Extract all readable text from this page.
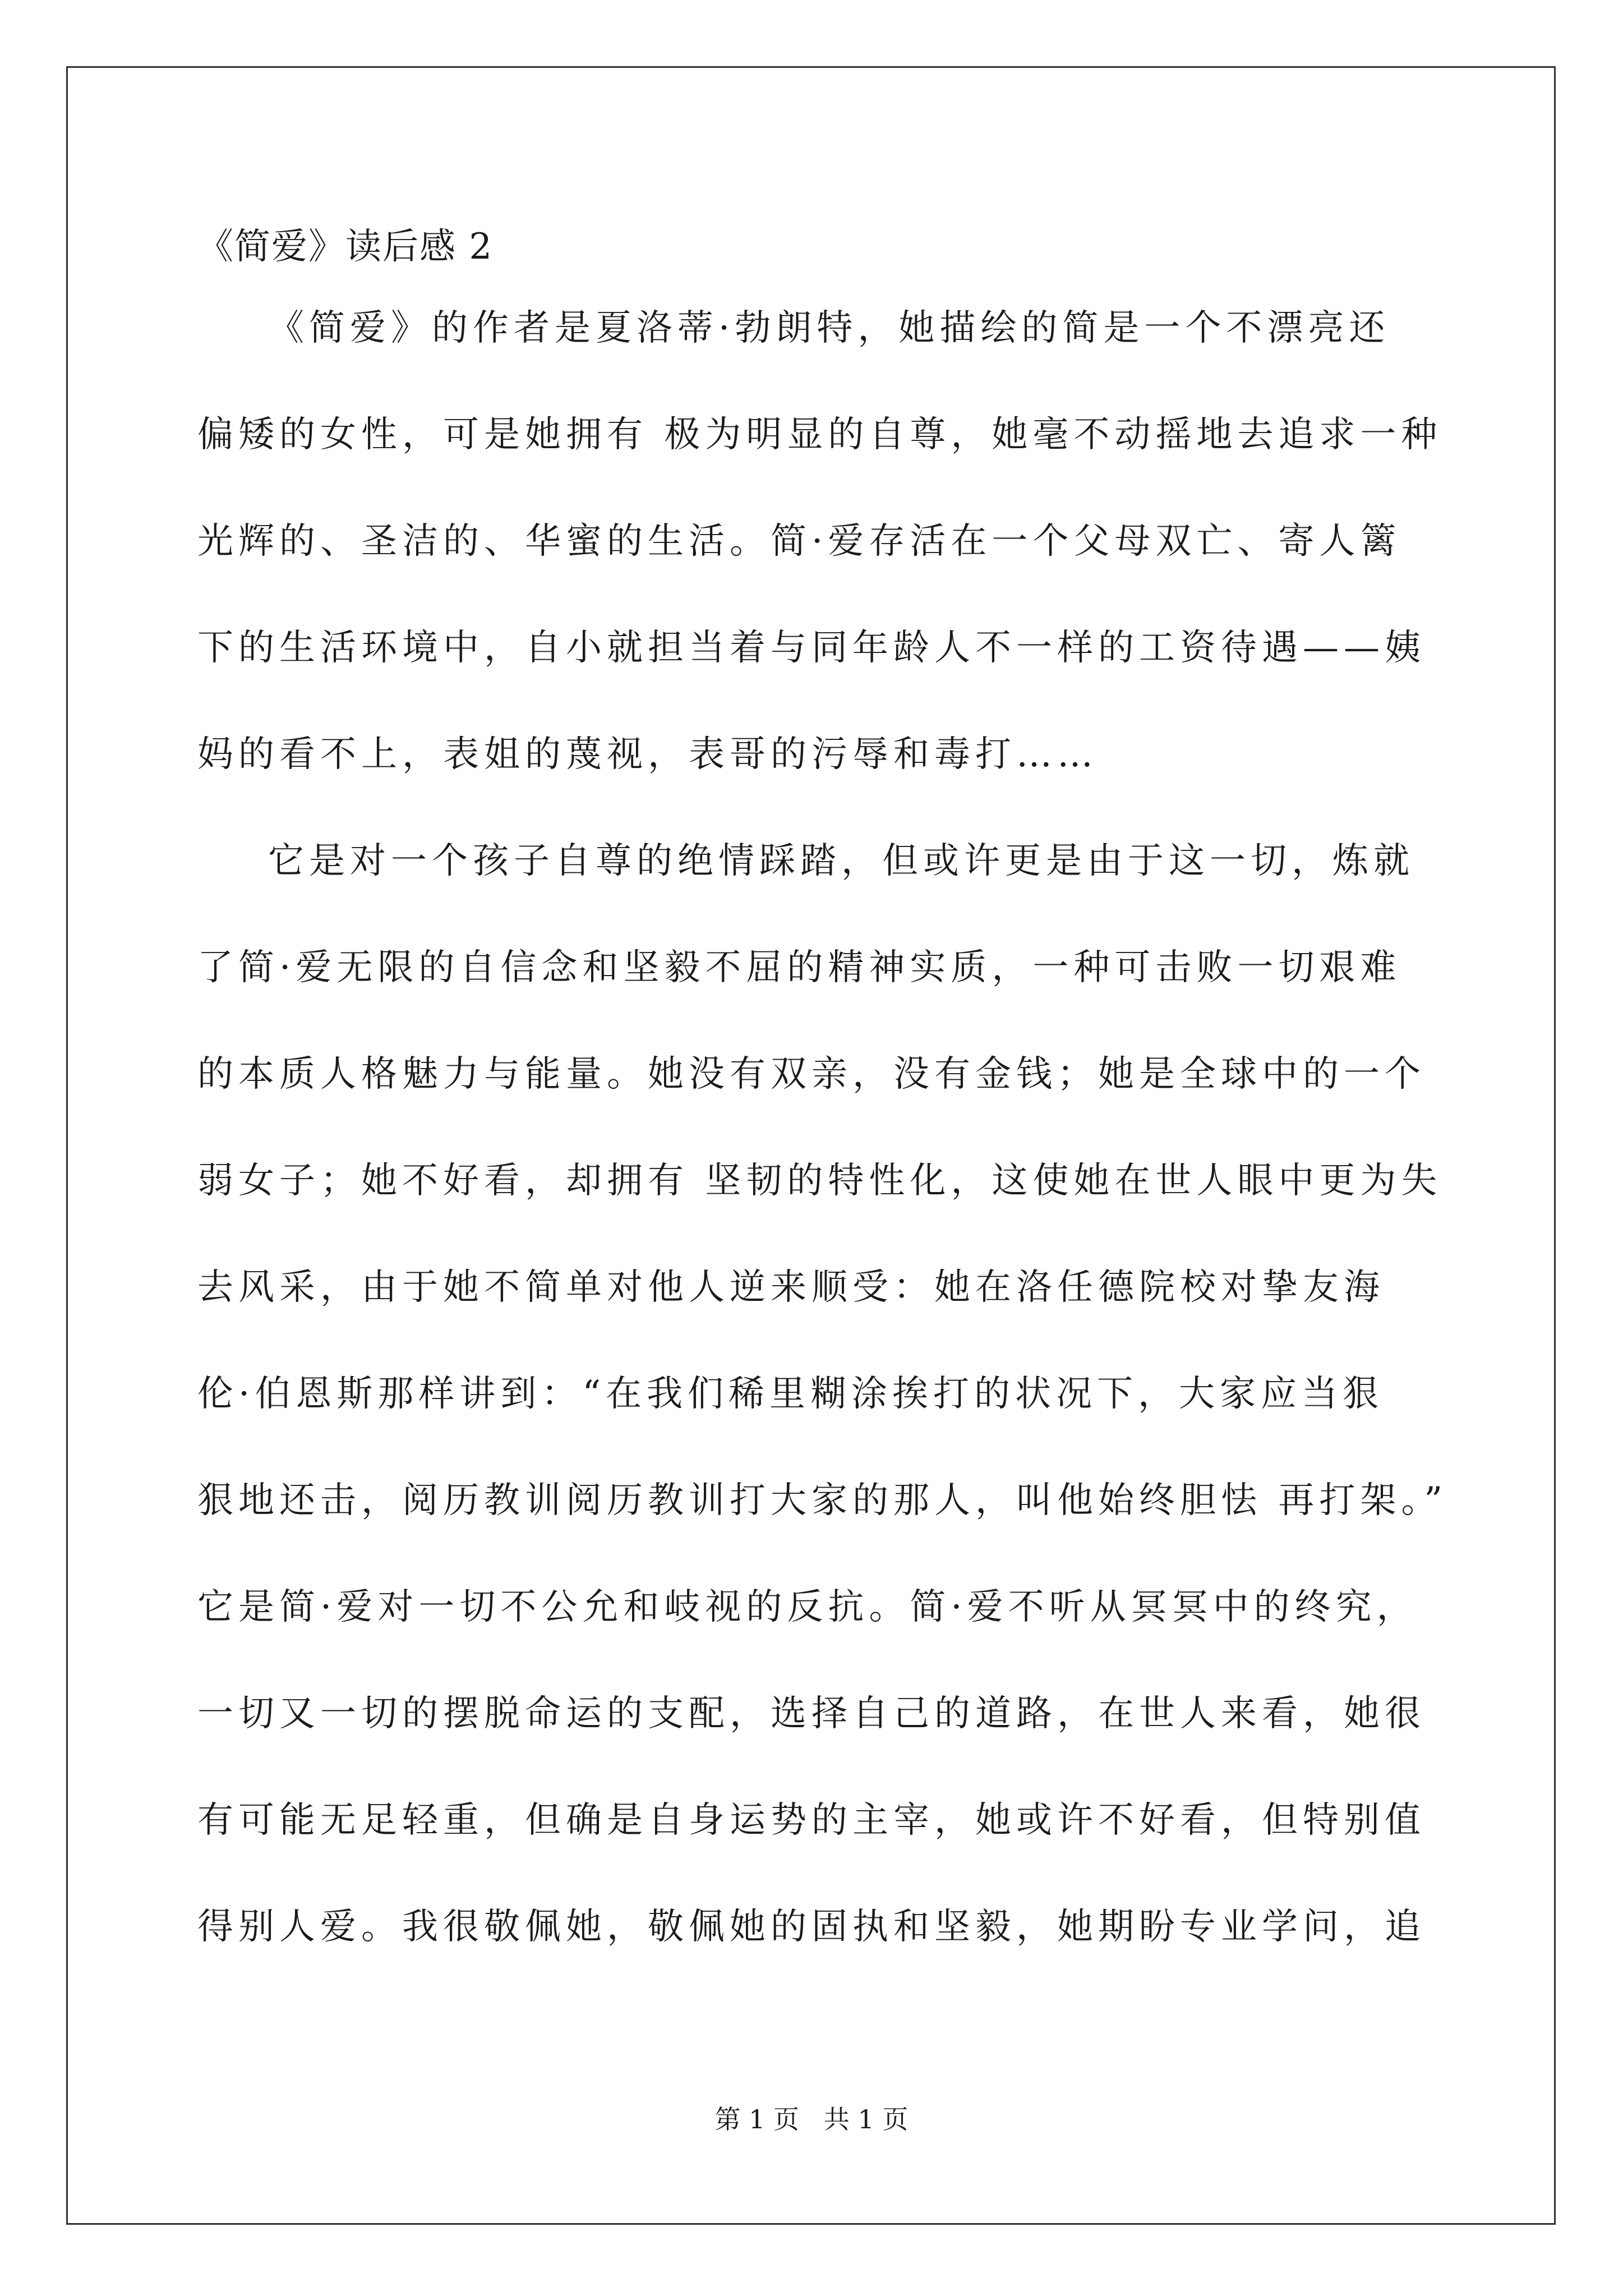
《简爱》读后感 2
《简爱》的作者是夏洛蒂·勃朗特，她描绘的简是一个不漂亮还
偏矮的女性，可是她拥有 极为明显的自尊，她毫不动摇地去追求一种
光辉的、圣洁的、华蜜的生活。简·爱存活在一个父母双亡、寄人篱
下的生活环境中，自小就担当着与同年龄人不一样的工资待遇——姨
妈的看不上，表姐的蔑视，表哥的污辱和毒打……
它是对一个孩子自尊的绝情踩踏，但或许更是由于这一切，炼就
了简·爱无限的自信念和坚毅不屈的精神实质，一种可击败一切艰难
的本质人格魅力与能量。她没有双亲，没有金钱；她是全球中的一个
弱女子；她不好看，却拥有 坚韧的特性化，这使她在世人眼中更为失
去风采，由于她不简单对他人逆来顺受：她在洛任德院校对挚友海
伦·伯恩斯那样讲到：“在我们稀里糊涂挨打的状况下，大家应当狠
狠地还击，阅历教训阅历教训打大家的那人，叫他始终胆怯 再打架。”
它是简·爱对一切不公允和岐视的反抗。简·爱不听从冥冥中的终究，
一切又一切的摆脱命运的支配，选择自己的道路，在世人来看，她很
有可能无足轻重，但确是自身运势的主宰，她或许不好看，但特别值
得别人爱。我很敬佩她，敬佩她的固执和坚毅，她期盼专业学问，追
第 1 页   共 1 页
